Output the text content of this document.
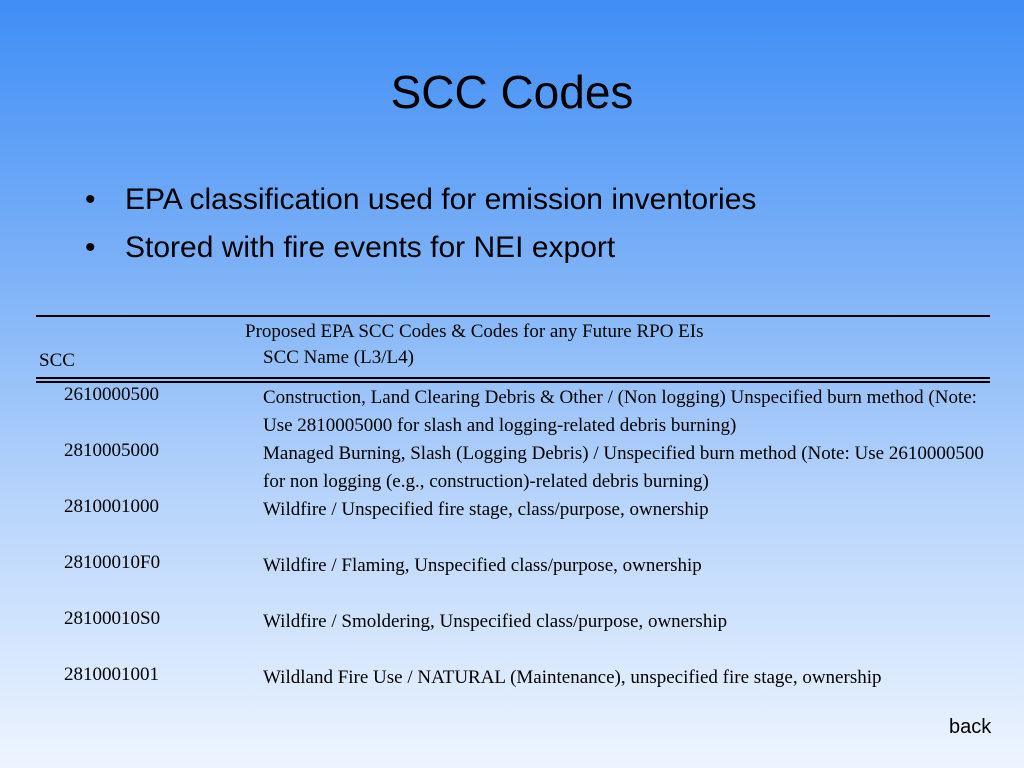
SCC Codes
• EPA classification used for emission inventories
• Stored with fire events for NEI export
Proposed EPA SCC Codes & Codes for any Future RPO EIs
SCC	SCC Name (L3/L4)
2610000500	Construction, Land Clearing Debris & Other / (Non logging) Unspecified burn method (Note: Use 2810005000 for slash and logging-related debris burning)
2810005000	Managed Burning, Slash (Logging Debris) / Unspecified burn method (Note: Use 2610000500 for non logging (e.g., construction)-related debris burning)
2810001000	Wildfire / Unspecified fire stage, class/purpose, ownership
28100010F0	Wildfire / Flaming, Unspecified class/purpose, ownership
28100010S0	Wildfire / Smoldering, Unspecified class/purpose, ownership
2810001001	Wildland Fire Use / NATURAL (Maintenance), unspecified fire stage, ownership
back
